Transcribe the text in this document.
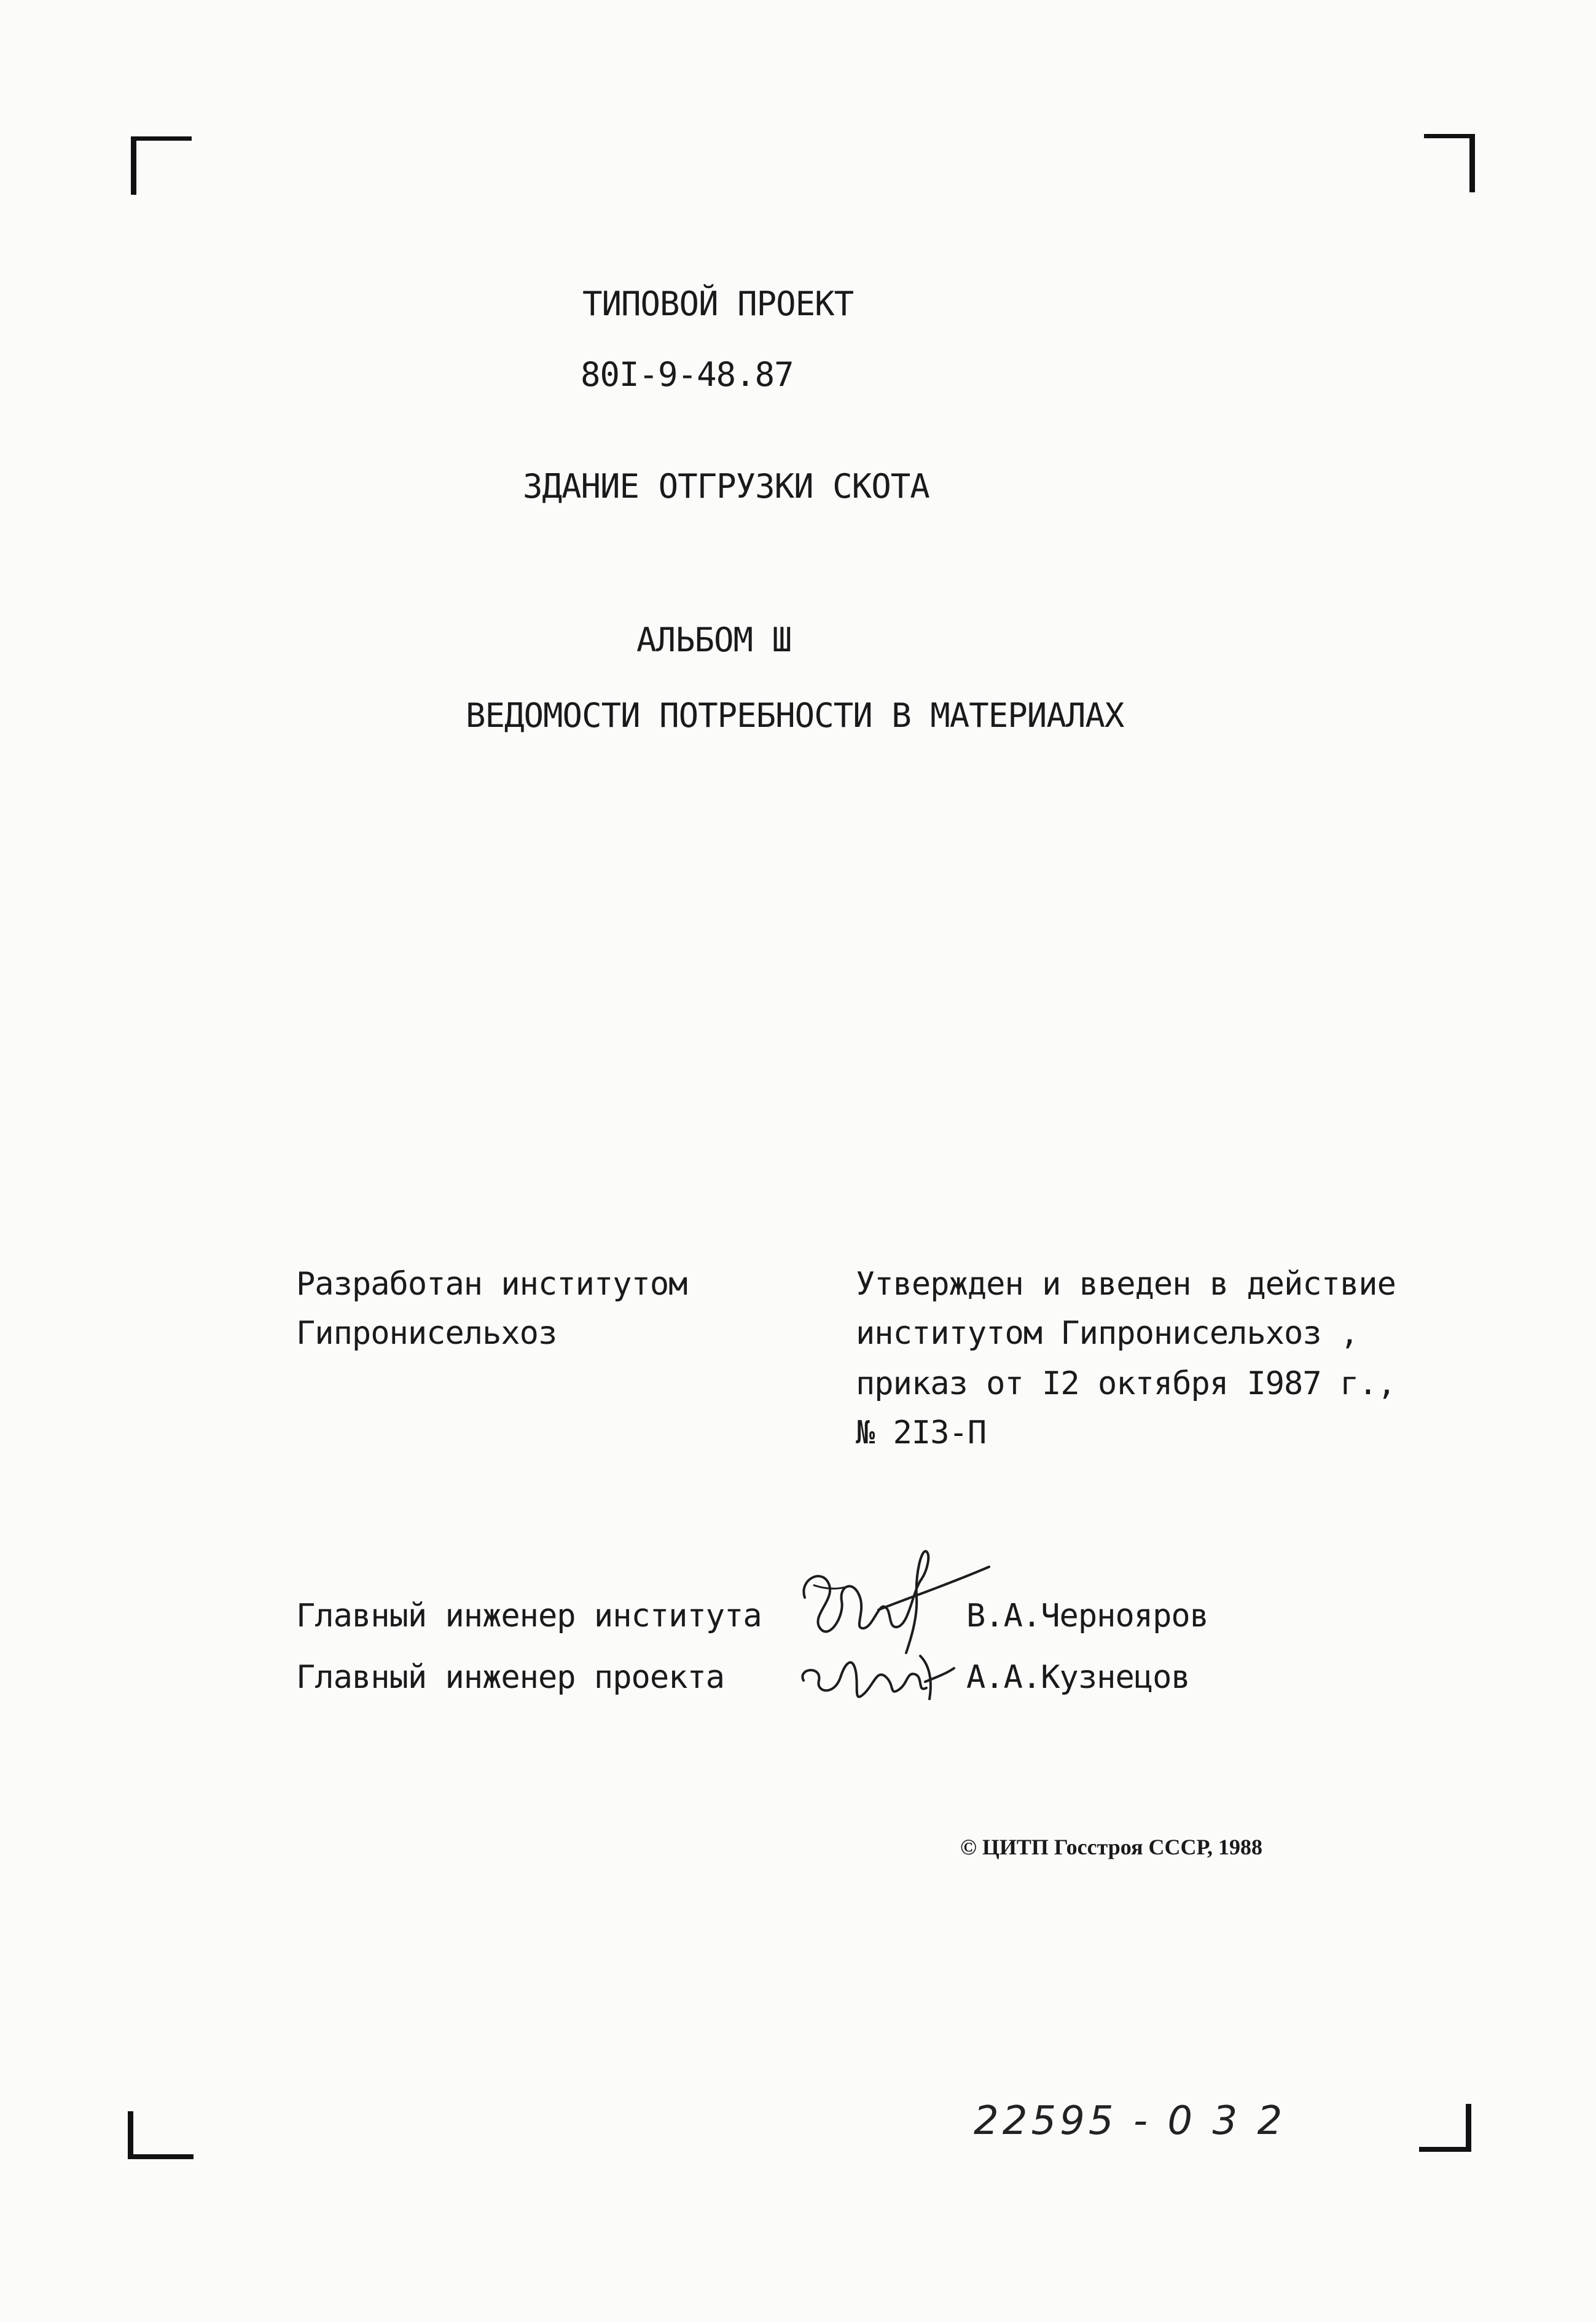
ТИПОВОЙ ПРОЕКТ
80I-9-48.87
ЗДАНИЕ ОТГРУЗКИ СКОТА
АЛЬБОМ Ш
ВЕДОМОСТИ ПОТРЕБНОСТИ В МАТЕРИАЛАХ
Разработан институтом
Гипронисельхоз
Утвержден и введен в действие
институтом Гипронисельхоз ,
приказ от I2 октября I987 г.,
№ 2I3-П
Главный инженер института	В.А.Чернояров
Главный инженер проекта	А.А.Кузнецов
© ЦИТП Госстроя СССР, 1988
22595 - 0 3 2
